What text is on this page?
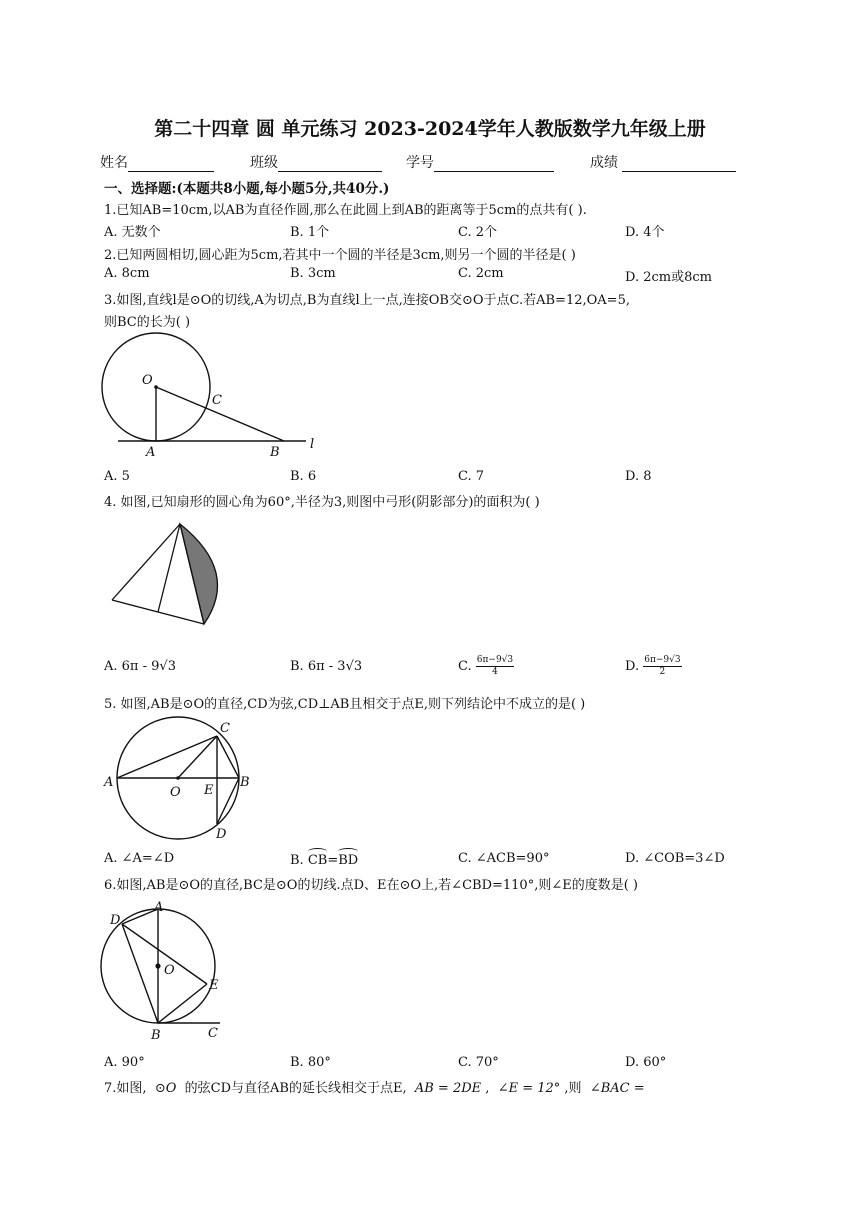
第二十四章 圆 单元练习 2023-2024学年人教版数学九年级上册
姓名	班级	学号	成绩
一、选择题:(本题共8小题,每小题5分,共40分.)
1.已知AB=10cm,以AB为直径作圆,那么在此圆上到AB的距离等于5cm的点共有( ).
A. 无数个	B. 1个	C. 2个	D. 4个
2.已知两圆相切,圆心距为5cm,若其中一个圆的半径是3cm,则另一个圆的半径是( )
A. 8cm	B. 3cm	C. 2cm	D. 2cm或8cm
3.如图,直线l是⊙O的切线,A为切点,B为直线l上一点,连接OB交⊙O于点C.若AB=12,OA=5,
则BC的长为( )
O
C
A	B
l
A. 5	B. 6	C. 7	D. 8
4. 如图,已知扇形的圆心角为60°,半径为3,则图中弓形(阴影部分)的面积为( )
A. 6π - 9√3	B. 6π - 3√3	C. $\frac{6\pi-9√3}{4}$	D. $\frac{6\pi-9√3}{2}$
5. 如图,AB是⊙O的直径,CD为弦,CD⊥AB且相交于点E,则下列结论中不成立的是( )
A
O E
B
C
D
A. ∠A=∠D	B. CB=BD	C. ∠ACB=90°	D. ∠COB=3∠D
6.如图,AB是⊙O的直径,BC是⊙O的切线.点D、E在⊙O上,若∠CBD=110°,则∠E的度数是( )
D
A
O
E
B	C
A. 90°	B. 80°	C. 70°	D. 60°
7.如图, ⊙O 的弦CD与直径AB的延长线相交于点E, AB = 2DE , ∠E = 12° ,则 ∠BAC =
